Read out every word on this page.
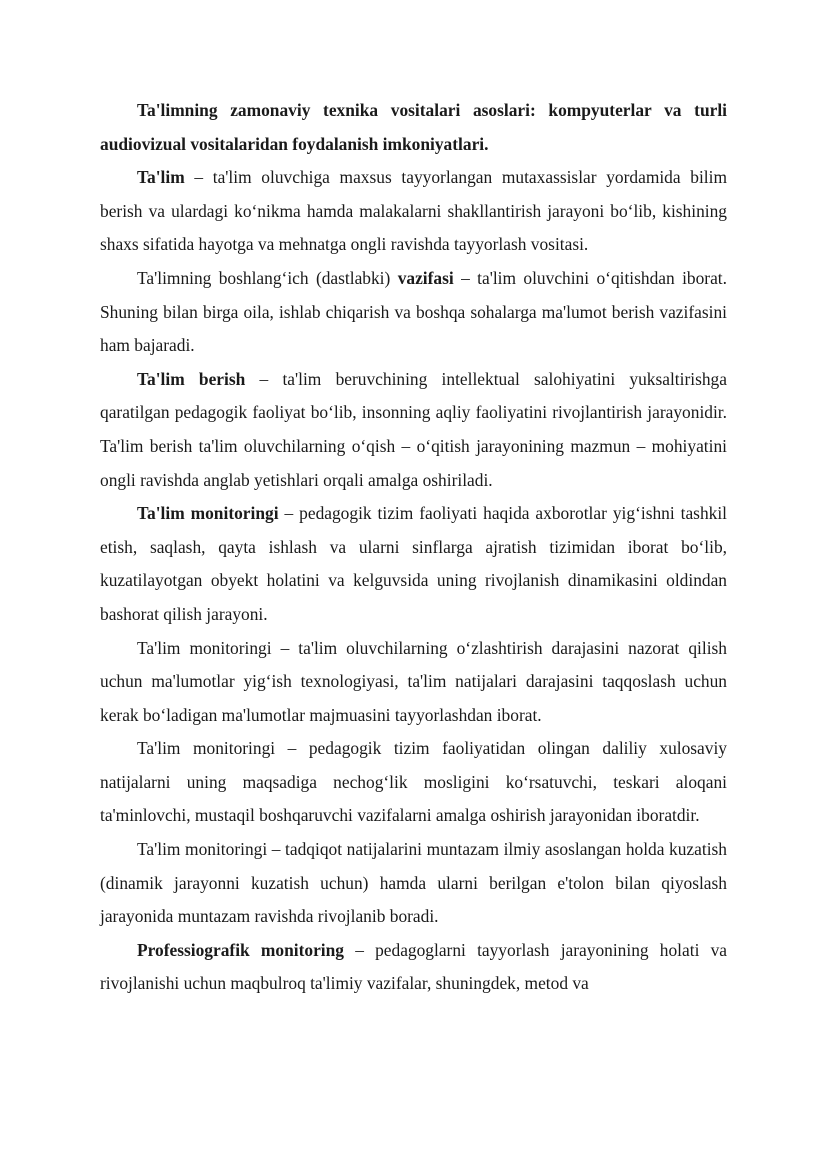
Ta'limning zamonaviy texnika vositalari asoslari: kompyuterlar va turli audiovizual vositalaridan foydalanish imkoniyatlari.

Ta'lim – ta'lim oluvchiga maxsus tayyorlangan mutaxassislar yordamida bilim berish va ulardagi ko‘nikma hamda malakalarni shakllantirish jarayoni bo‘lib, kishining shaxs sifatida hayotga va mehnatga ongli ravishda tayyorlash vositasi.

Ta'limning boshlang‘ich (dastlabki) vazifasi – ta'lim oluvchini o‘qitishdan iborat. Shuning bilan birga oila, ishlab chiqarish va boshqa sohalarga ma'lumot berish vazifasini ham bajaradi.

Ta'lim berish – ta'lim beruvchining intellektual salohiyatini yuksaltirishga qaratilgan pedagogik faoliyat bo‘lib, insonning aqliy faoliyatini rivojlantirish jarayonidir. Ta'lim berish ta'lim oluvchilarning o‘qish – o‘qitish jarayonining mazmun – mohiyatini ongli ravishda anglab yetishlari orqali amalga oshiriladi.

Ta'lim monitoringi – pedagogik tizim faoliyati haqida axborotlar yig‘ishni tashkil etish, saqlash, qayta ishlash va ularni sinflarga ajratish tizimidan iborat bo‘lib, kuzatilayotgan obyekt holatini va kelguvsida uning rivojlanish dinamikasini oldindan bashorat qilish jarayoni.

Ta'lim monitoringi – ta'lim oluvchilarning o‘zlashtirish darajasini nazorat qilish uchun ma'lumotlar yig‘ish texnologiyasi, ta'lim natijalari darajasini taqqoslash uchun kerak bo‘ladigan ma'lumotlar majmuasini tayyorlashdan iborat.

Ta'lim monitoringi – pedagogik tizim faoliyatidan olingan daliliy xulosaviy natijalarni uning maqsadiga nechog‘lik mosligini ko‘rsatuvchi, teskari aloqani ta'minlovchi, mustaqil boshqaruvchi vazifalarni amalga oshirish jarayonidan iboratdir.

Ta'lim monitoringi – tadqiqot natijalarini muntazam ilmiy asoslangan holda kuzatish (dinamik jarayonni kuzatish uchun) hamda ularni berilgan e'tolon bilan qiyoslash jarayonida muntazam ravishda rivojlanib boradi.

Professiografik monitoring – pedagoglarni tayyorlash jarayonining holati va rivojlanishi uchun maqbulroq ta'limiy vazifalar, shuningdek, metod va
